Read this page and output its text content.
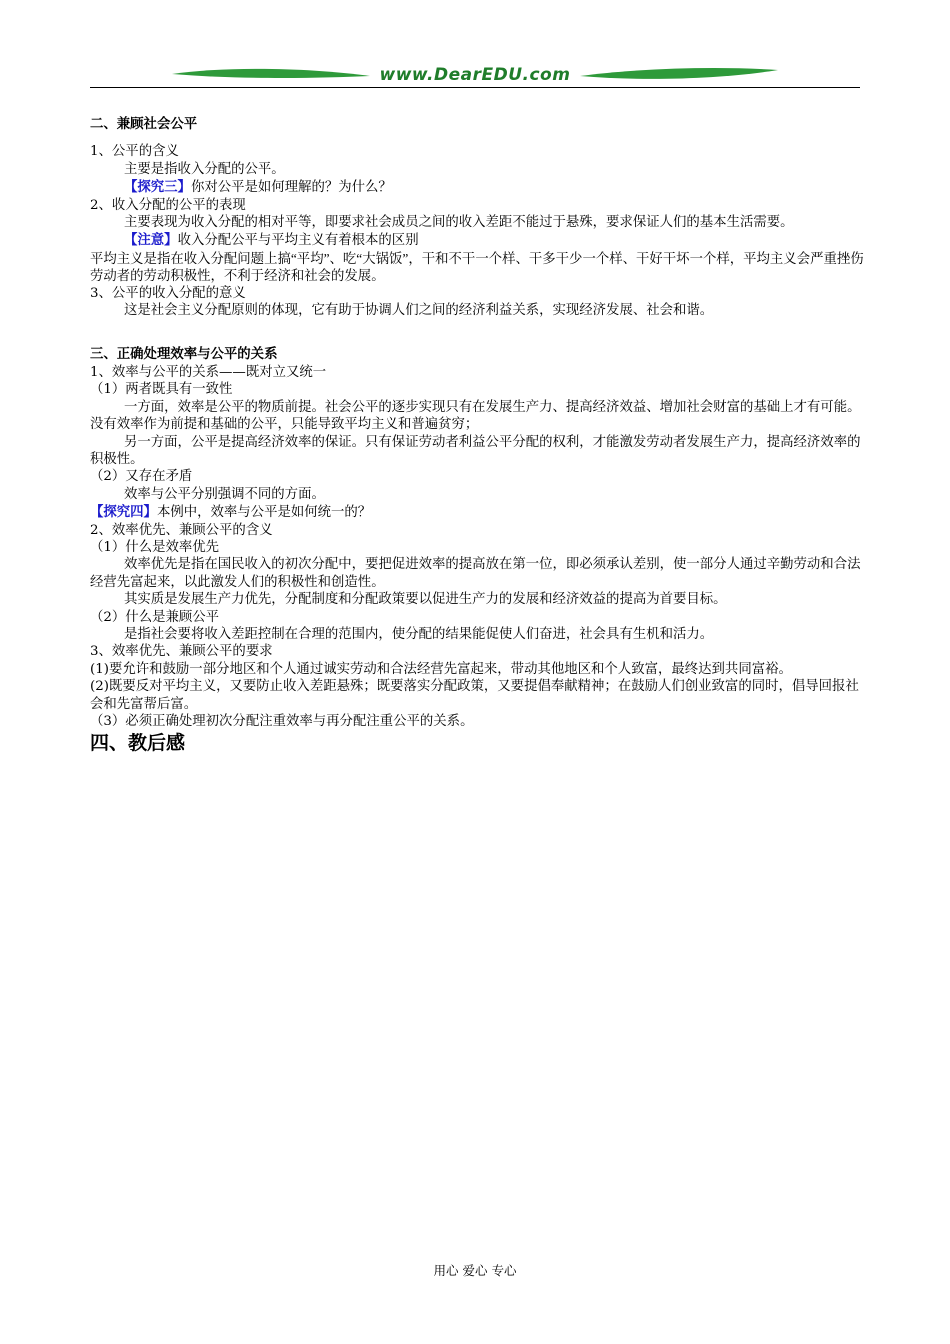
www.DearEDU.com

二、兼顾社会公平

1、公平的含义

主要是指收入分配的公平。

【探究三】你对公平是如何理解的？为什么？

2、收入分配的公平的表现

主要表现为收入分配的相对平等，即要求社会成员之间的收入差距不能过于悬殊，要求保证人们的基本生活需要。

【注意】收入分配公平与平均主义有着根本的区别

平均主义是指在收入分配问题上搞“平均”、吃“大锅饭”，干和不干一个样、干多干少一个样、干好干坏一个样，平均主义会严重挫伤劳动者的劳动积极性，不利于经济和社会的发展。

3、公平的收入分配的意义

这是社会主义分配原则的体现，它有助于协调人们之间的经济利益关系，实现经济发展、社会和谐。

三、正确处理效率与公平的关系

1、效率与公平的关系——既对立又统一

（1）两者既具有一致性

一方面，效率是公平的物质前提。社会公平的逐步实现只有在发展生产力、提高经济效益、增加社会财富的基础上才有可能。没有效率作为前提和基础的公平，只能导致平均主义和普遍贫穷；

另一方面，公平是提高经济效率的保证。只有保证劳动者利益公平分配的权利，才能激发劳动者发展生产力，提高经济效率的积极性。

（2）又存在矛盾

效率与公平分别强调不同的方面。

【探究四】本例中，效率与公平是如何统一的？

2、效率优先、兼顾公平的含义

（1）什么是效率优先

效率优先是指在国民收入的初次分配中，要把促进效率的提高放在第一位，即必须承认差别，使一部分人通过辛勤劳动和合法经营先富起来，以此激发人们的积极性和创造性。

其实质是发展生产力优先，分配制度和分配政策要以促进生产力的发展和经济效益的提高为首要目标。

（2）什么是兼顾公平

是指社会要将收入差距控制在合理的范围内，使分配的结果能促使人们奋进，社会具有生机和活力。

3、效率优先、兼顾公平的要求

(1)要允许和鼓励一部分地区和个人通过诚实劳动和合法经营先富起来，带动其他地区和个人致富，最终达到共同富裕。

(2)既要反对平均主义，又要防止收入差距悬殊；既要落实分配政策，又要提倡奉献精神；在鼓励人们创业致富的同时，倡导回报社会和先富帮后富。

（3）必须正确处理初次分配注重效率与再分配注重公平的关系。

四、教后感

用心 爱心 专心
